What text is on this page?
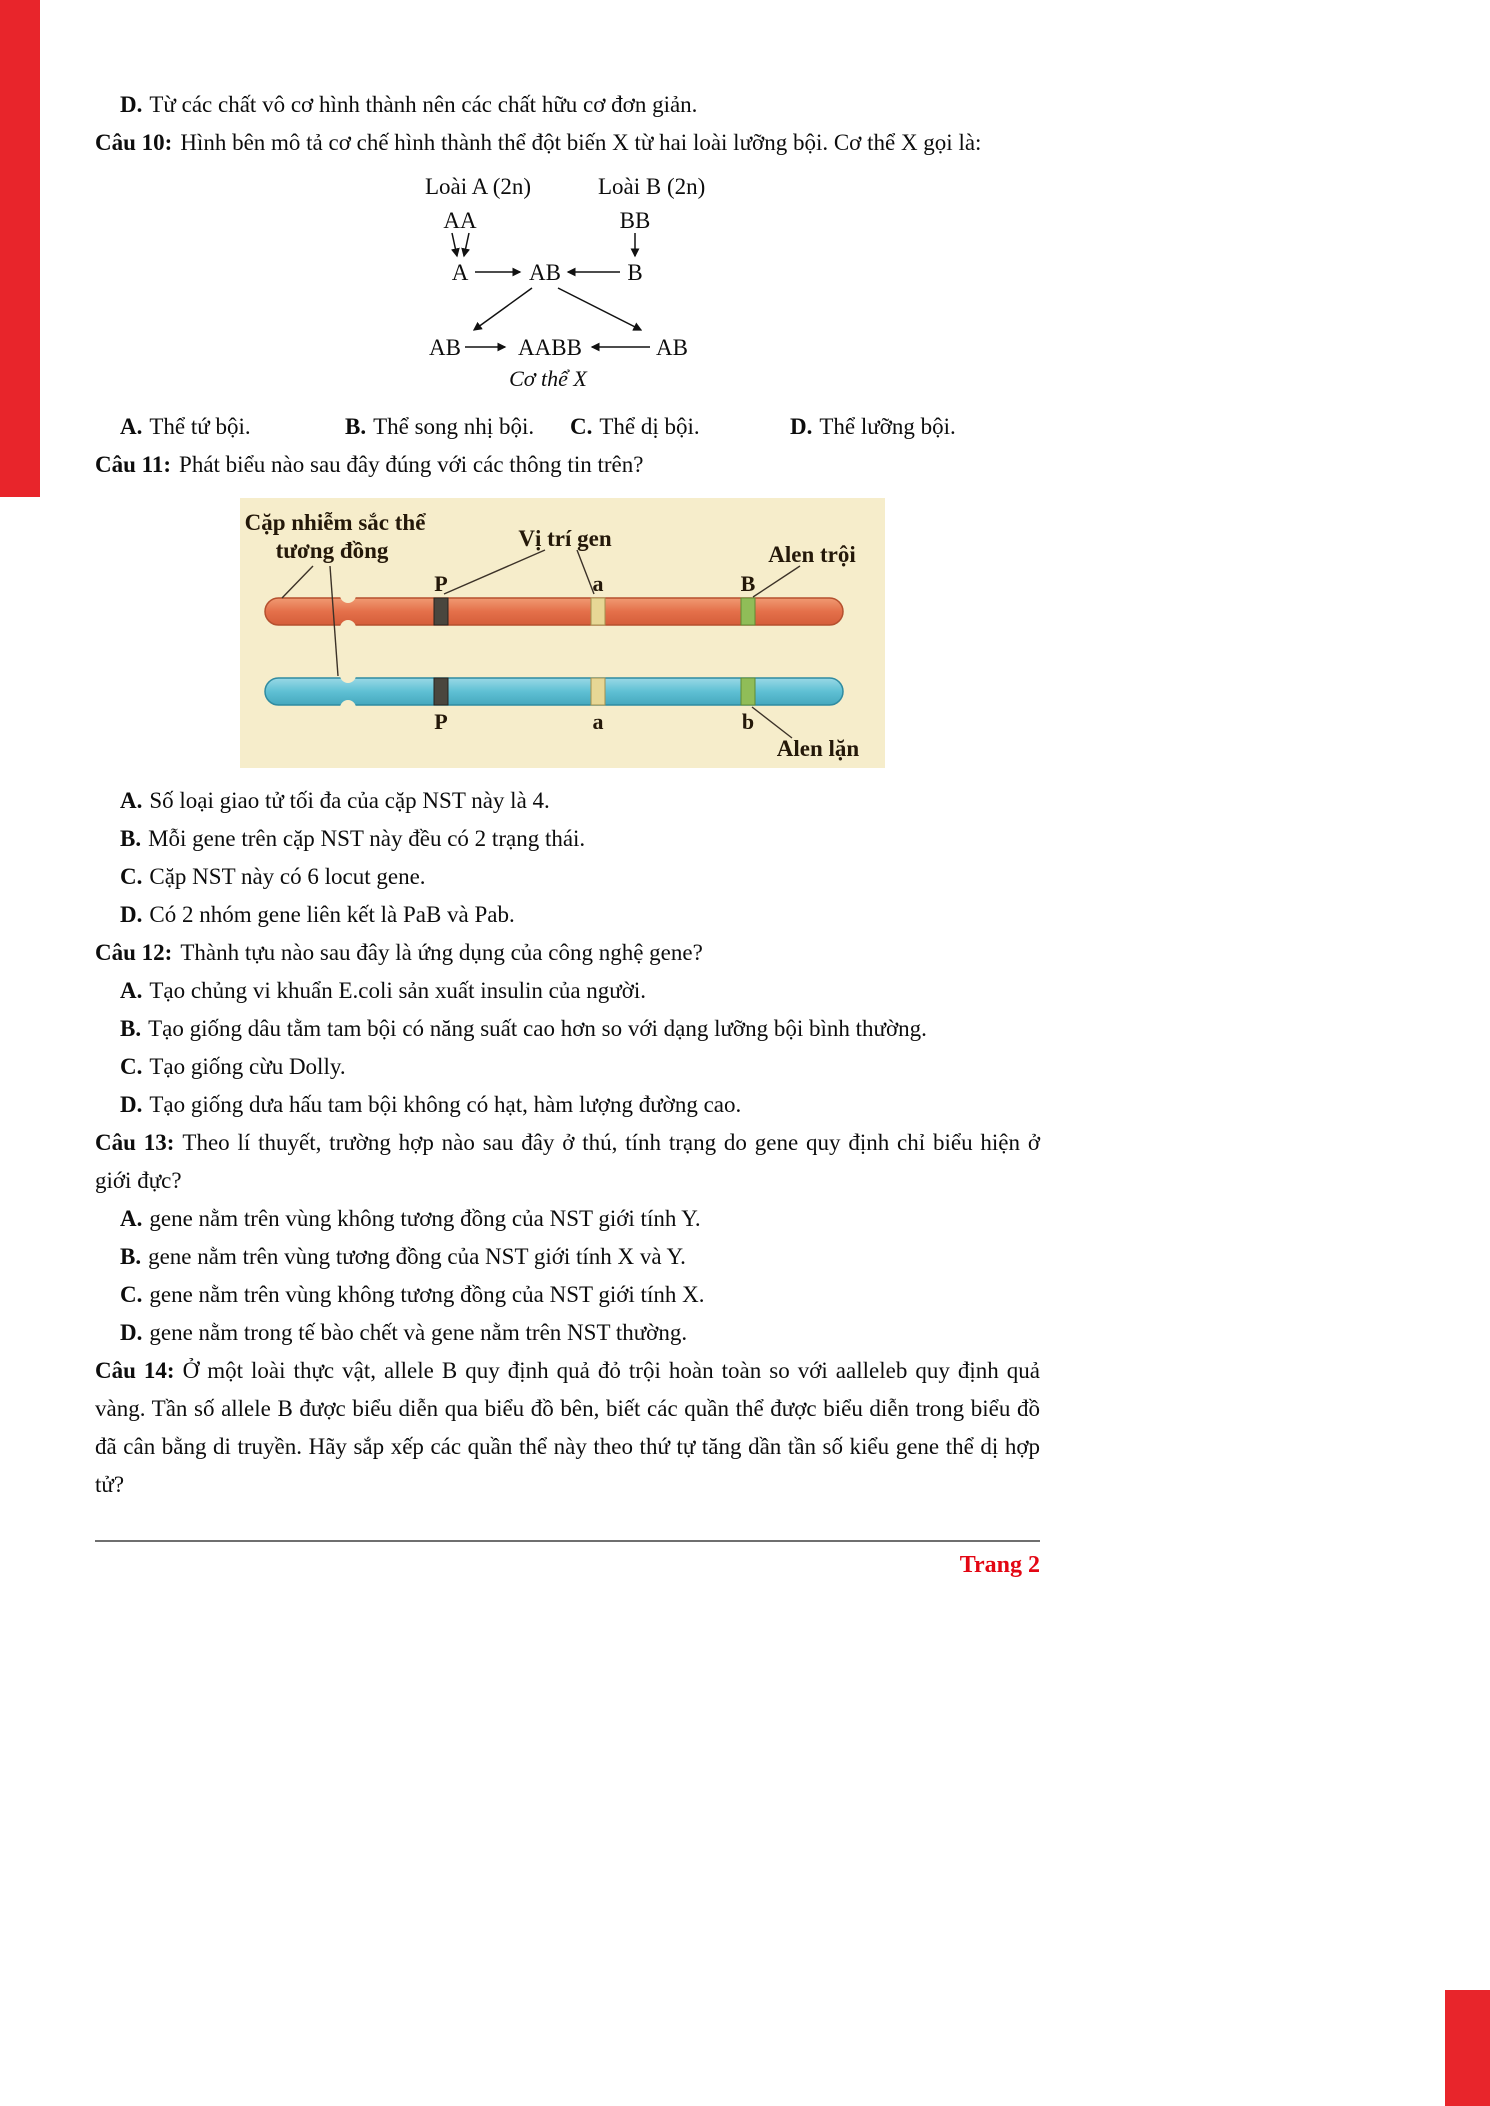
D. Từ các chất vô cơ hình thành nên các chất hữu cơ đơn giản.

Câu 10: Hình bên mô tả cơ chế hình thành thể đột biến X từ hai loài lưỡng bội. Cơ thể X gọi là:

Loài A (2n)	Loài B (2n)
AA	BB
A	AB	B
AB AABB	AB
Cơ thể X
A. Thể tứ bội.	B. Thể song nhị bội.	C. Thể dị bội.	D. Thể lưỡng bội.

Câu 11: Phát biểu nào sau đây đúng với các thông tin trên?

Cặp nhiễm sắc thể
tương đồng	Vị trí gen
Alen trội
Alen lặn
P	a	B
P	a	b

A. Số loại giao tử tối đa của cặp NST này là 4.

B. Mỗi gene trên cặp NST này đều có 2 trạng thái.

C. Cặp NST này có 6 locut gene.

D. Có 2 nhóm gene liên kết là PaB và Pab.

Câu 12: Thành tựu nào sau đây là ứng dụng của công nghệ gene?

A. Tạo chủng vi khuẩn E.coli sản xuất insulin của người.

B. Tạo giống dâu tằm tam bội có năng suất cao hơn so với dạng lưỡng bội bình thường.

C. Tạo giống cừu Dolly.

D. Tạo giống dưa hấu tam bội không có hạt, hàm lượng đường cao.

Câu 13: Theo lí thuyết, trường hợp nào sau đây ở thú, tính trạng do gene quy định chỉ biểu hiện ở giới đực?

A. gene nằm trên vùng không tương đồng của NST giới tính Y.

B. gene nằm trên vùng tương đồng của NST giới tính X và Y.

C. gene nằm trên vùng không tương đồng của NST giới tính X.

D. gene nằm trong tế bào chết và gene nằm trên NST thường.

Câu 14: Ở một loài thực vật, allele B quy định quả đỏ trội hoàn toàn so với aalleleb quy định quả vàng. Tần số allele B được biểu diễn qua biểu đồ bên, biết các quần thể được biểu diễn trong biểu đồ đã cân bằng di truyền. Hãy sắp xếp các quần thể này theo thứ tự tăng dần tần số kiểu gene thể dị hợp tử?

Trang 2
